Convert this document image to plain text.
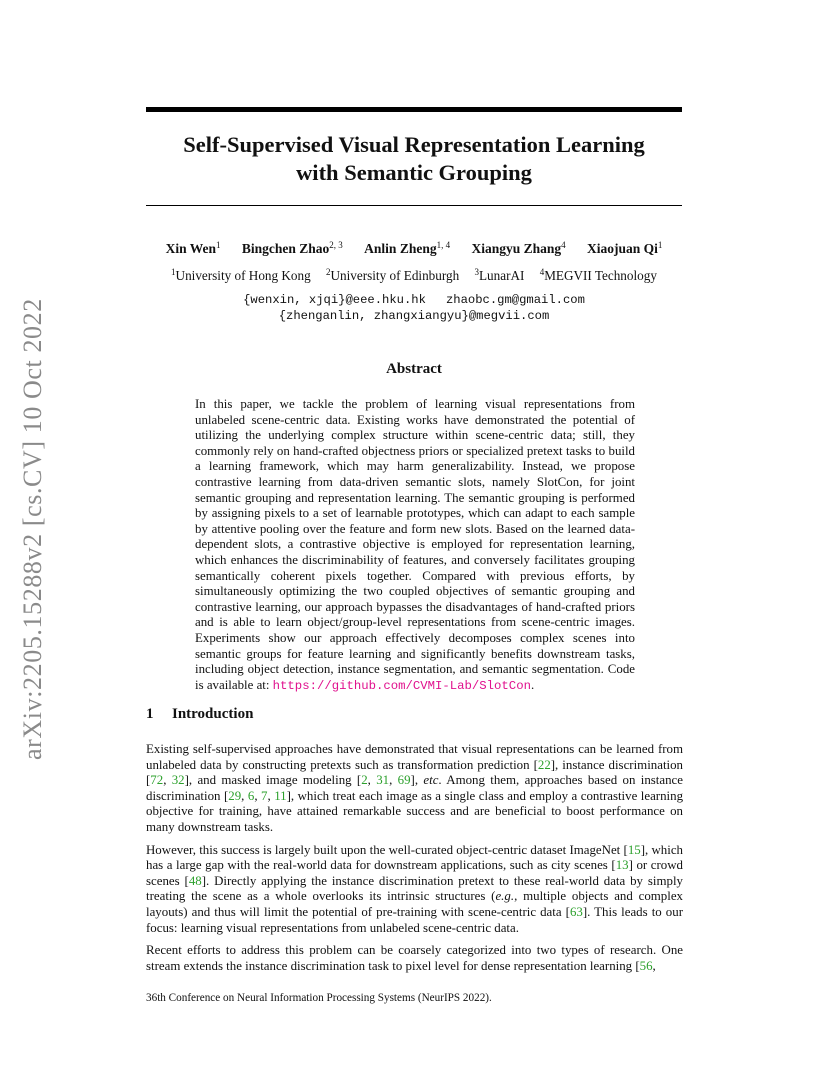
arXiv:2205.15288v2 [cs.CV] 10 Oct 2022
Self-Supervised Visual Representation Learning
with Semantic Grouping
Xin Wen$^1$ Bingchen Zhao$^{2, 3}$ Anlin Zheng$^{1, 4}$ Xiangyu Zhang$^4$ Xiaojuan Qi$^1$
$^1$University of Hong Kong $^2$University of Edinburgh $^3$LunarAI $^4$MEGVII Technology
{wenxin, xjqi}@eee.hku.hk zhaobc.gm@gmail.com
{zhenganlin, zhangxiangyu}@megvii.com
Abstract
In this paper, we tackle the problem of learning visual representations from unlabeled scene-centric data. Existing works have demonstrated the potential of utilizing the underlying complex structure within scene-centric data; still, they commonly rely on hand-crafted objectness priors or specialized pretext tasks to build a learning framework, which may harm generalizability. Instead, we propose contrastive learning from data-driven semantic slots, namely SlotCon, for joint semantic grouping and representation learning. The semantic grouping is performed by assigning pixels to a set of learnable prototypes, which can adapt to each sample by attentive pooling over the feature and form new slots. Based on the learned data-dependent slots, a contrastive objective is employed for representation learning, which enhances the discriminability of features, and conversely facilitates grouping semantically coherent pixels together. Compared with previous efforts, by simultaneously optimizing the two coupled objectives of semantic grouping and contrastive learning, our approach bypasses the disadvantages of hand-crafted priors and is able to learn object/group-level representations from scene-centric images. Experiments show our approach effectively decomposes complex scenes into semantic groups for feature learning and significantly benefits downstream tasks, including object detection, instance segmentation, and semantic segmentation. Code is available at: https://github.com/CVMI-Lab/SlotCon.
1 Introduction

Existing self-supervised approaches have demonstrated that visual representations can be learned from unlabeled data by constructing pretexts such as transformation prediction [22], instance discrimination [72, 32], and masked image modeling [2, 31, 69], etc. Among them, approaches based on instance discrimination [29, 6, 7, 11], which treat each image as a single class and employ a contrastive learning objective for training, have attained remarkable success and are beneficial to boost performance on many downstream tasks.

However, this success is largely built upon the well-curated object-centric dataset ImageNet [15], which has a large gap with the real-world data for downstream applications, such as city scenes [13] or crowd scenes [48]. Directly applying the instance discrimination pretext to these real-world data by simply treating the scene as a whole overlooks its intrinsic structures (e.g., multiple objects and complex layouts) and thus will limit the potential of pre-training with scene-centric data [63]. This leads to our focus: learning visual representations from unlabeled scene-centric data.

Recent efforts to address this problem can be coarsely categorized into two types of research. One stream extends the instance discrimination task to pixel level for dense representation learning [56,

36th Conference on Neural Information Processing Systems (NeurIPS 2022).
